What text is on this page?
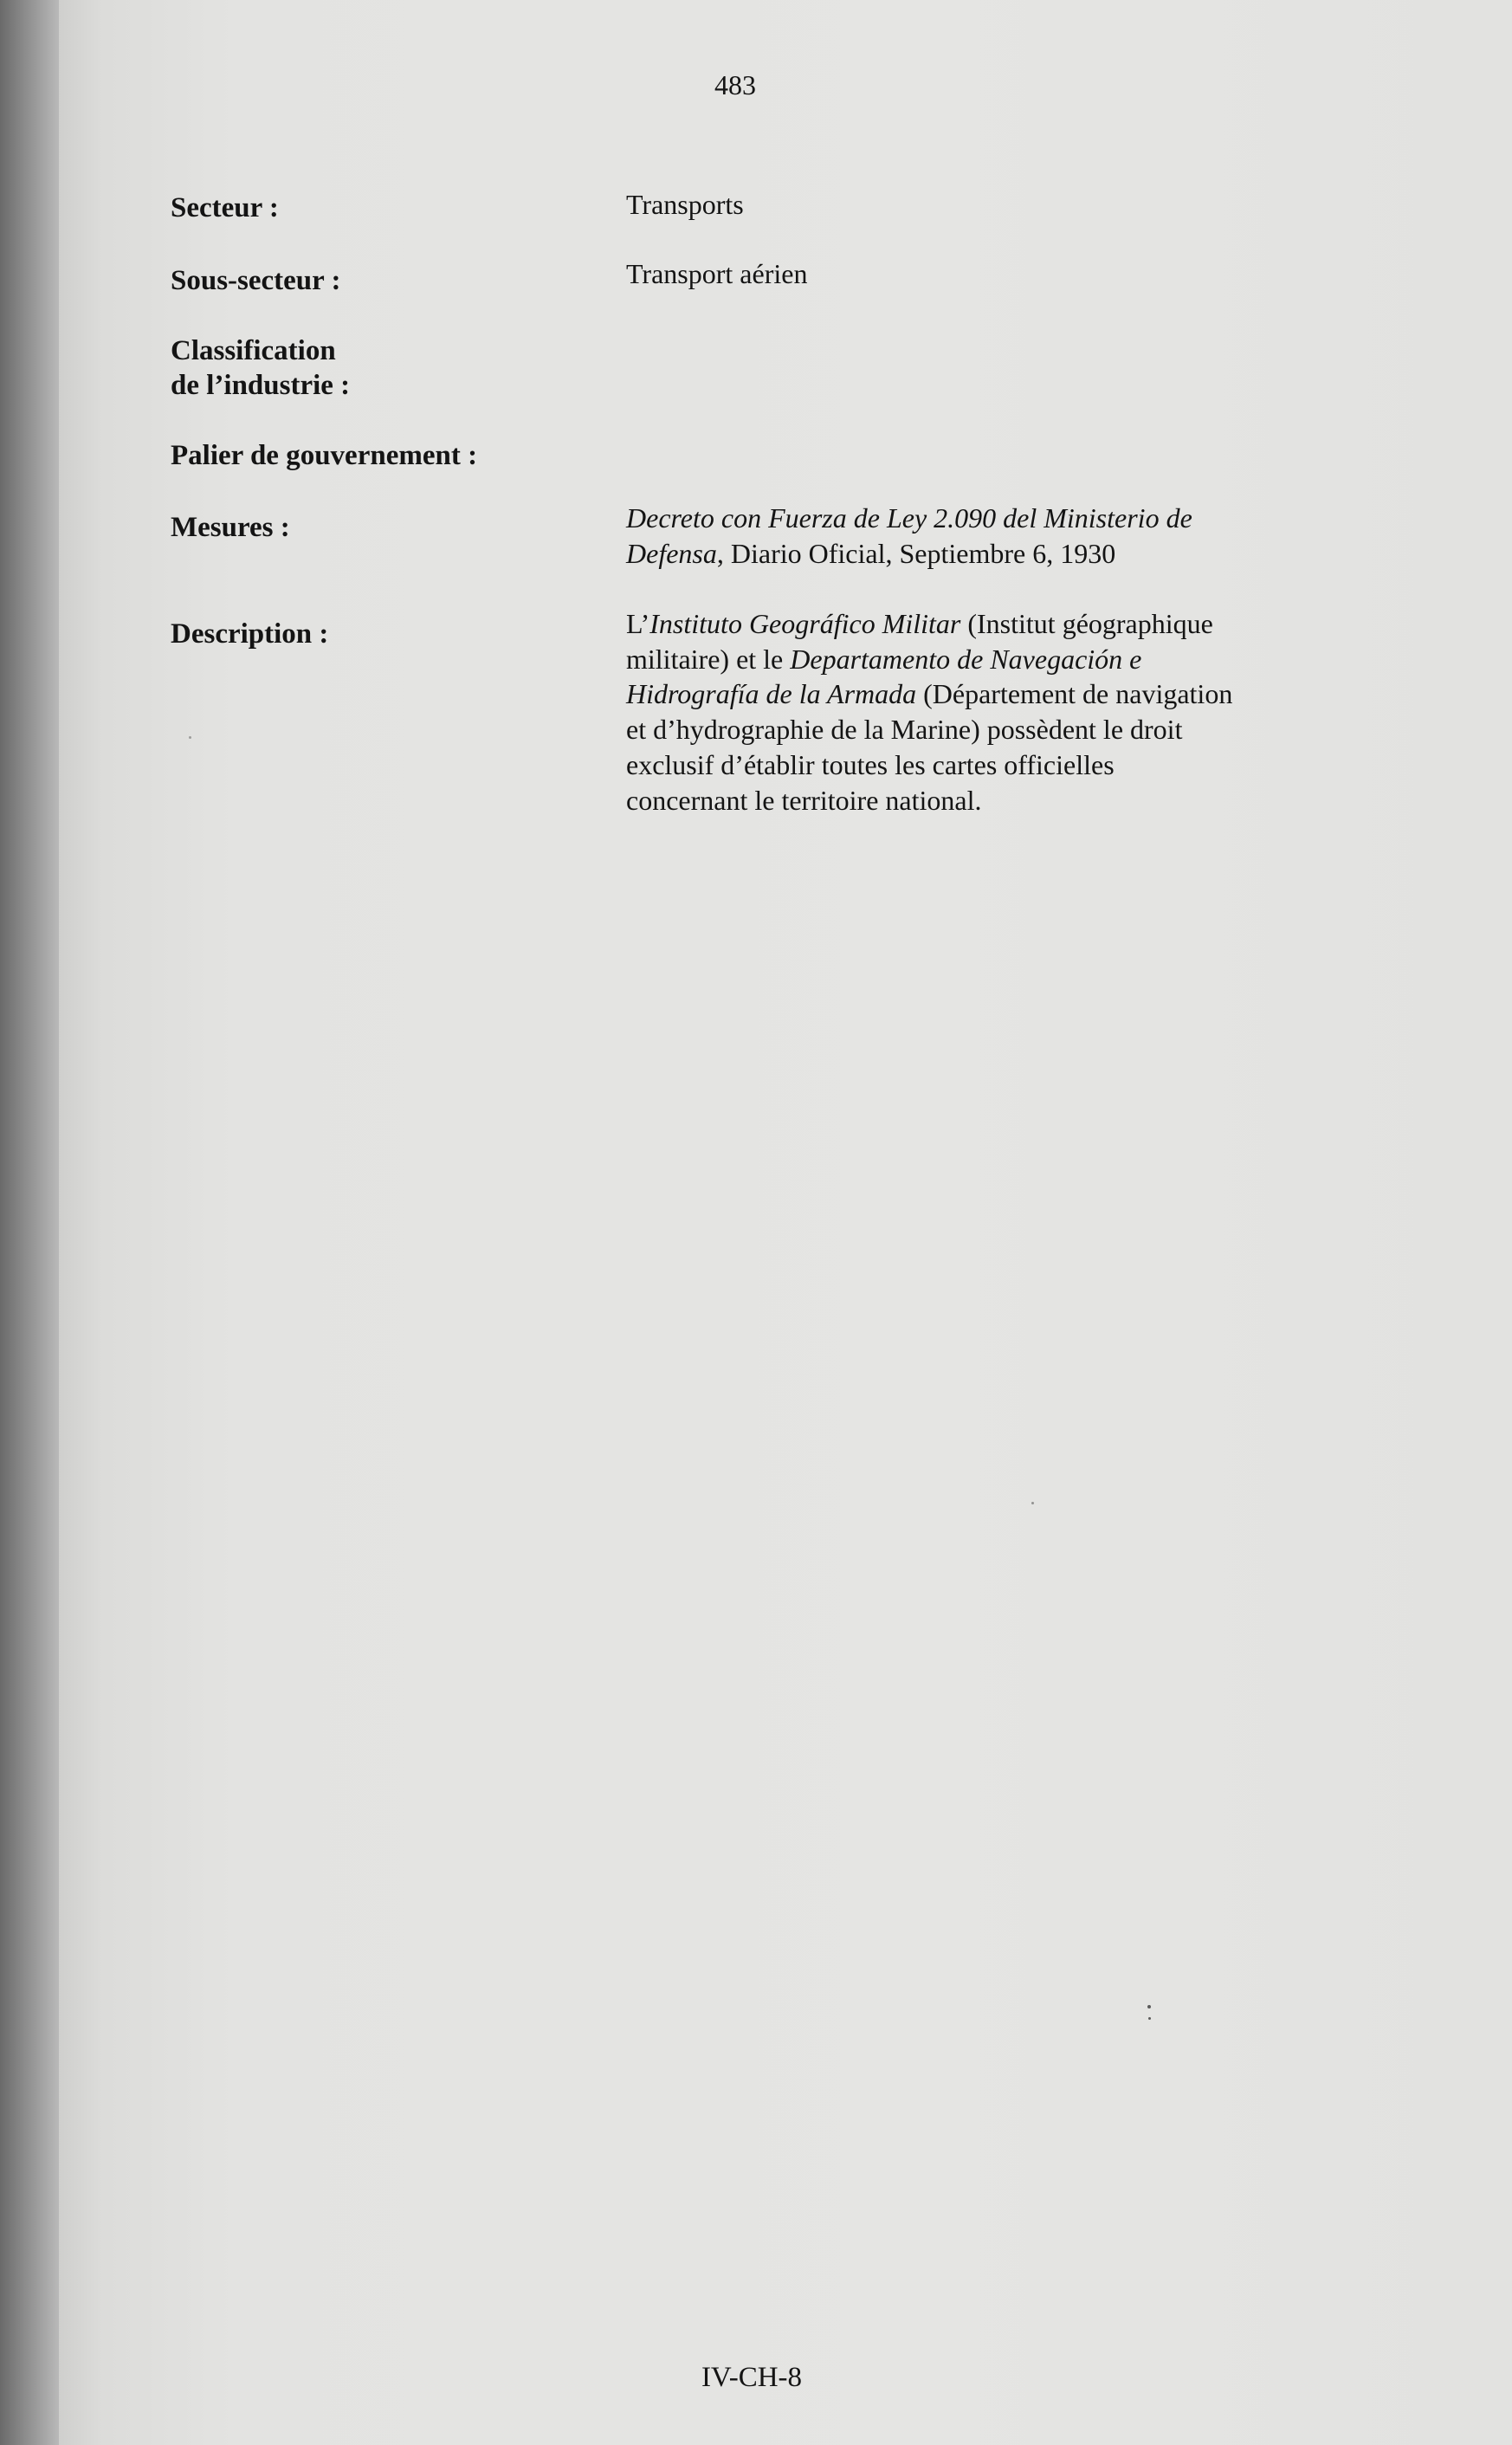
483
Secteur :	Transports
Sous-secteur :	Transport aérien
Classification
de l’industrie :
Palier de gouvernement :
Mesures :	Decreto con Fuerza de Ley 2.090 del Ministerio de
Defensa, Diario Oficial, Septiembre 6, 1930
Description :	L’Instituto Geográfico Militar (Institut géographique
militaire) et le Departamento de Navegación e
Hidrografía de la Armada (Département de navigation
et d’hydrographie de la Marine) possèdent le droit
exclusif d’établir toutes les cartes officielles
concernant le territoire national.
IV-CH-8
